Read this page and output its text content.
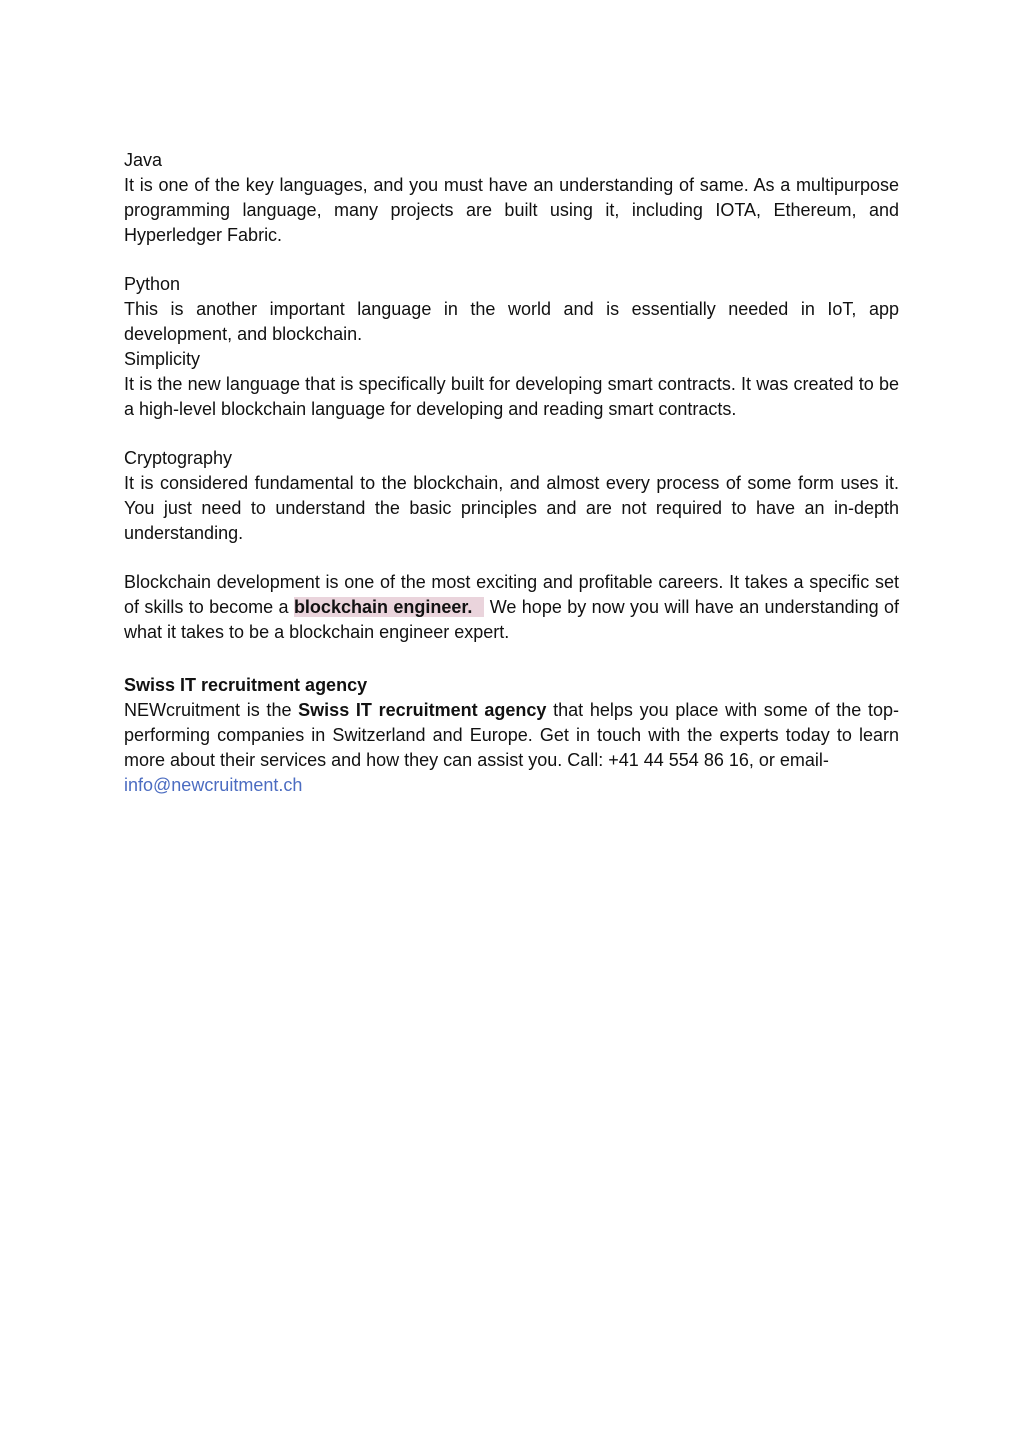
Java

It is one of the key languages, and you must have an understanding of same. As a multipurpose programming language, many projects are built using it, including IOTA, Ethereum, and Hyperledger Fabric.

Python

This is another important language in the world and is essentially needed in IoT, app development, and blockchain.

Simplicity

It is the new language that is specifically built for developing smart contracts. It was created to be a high-level blockchain language for developing and reading smart contracts.

Cryptography

It is considered fundamental to the blockchain, and almost every process of some form uses it. You just need to understand the basic principles and are not required to have an in-depth understanding.

Blockchain development is one of the most exciting and profitable careers. It takes a specific set of skills to become a blockchain engineer. We hope by now you will have an understanding of what it takes to be a blockchain engineer expert.

Swiss IT recruitment agency

NEWcruitment is the Swiss IT recruitment agency that helps you place with some of the top-performing companies in Switzerland and Europe. Get in touch with the experts today to learn more about their services and how they can assist you. Call: +41 44 554 86 16, or email-
info@newcruitment.ch
